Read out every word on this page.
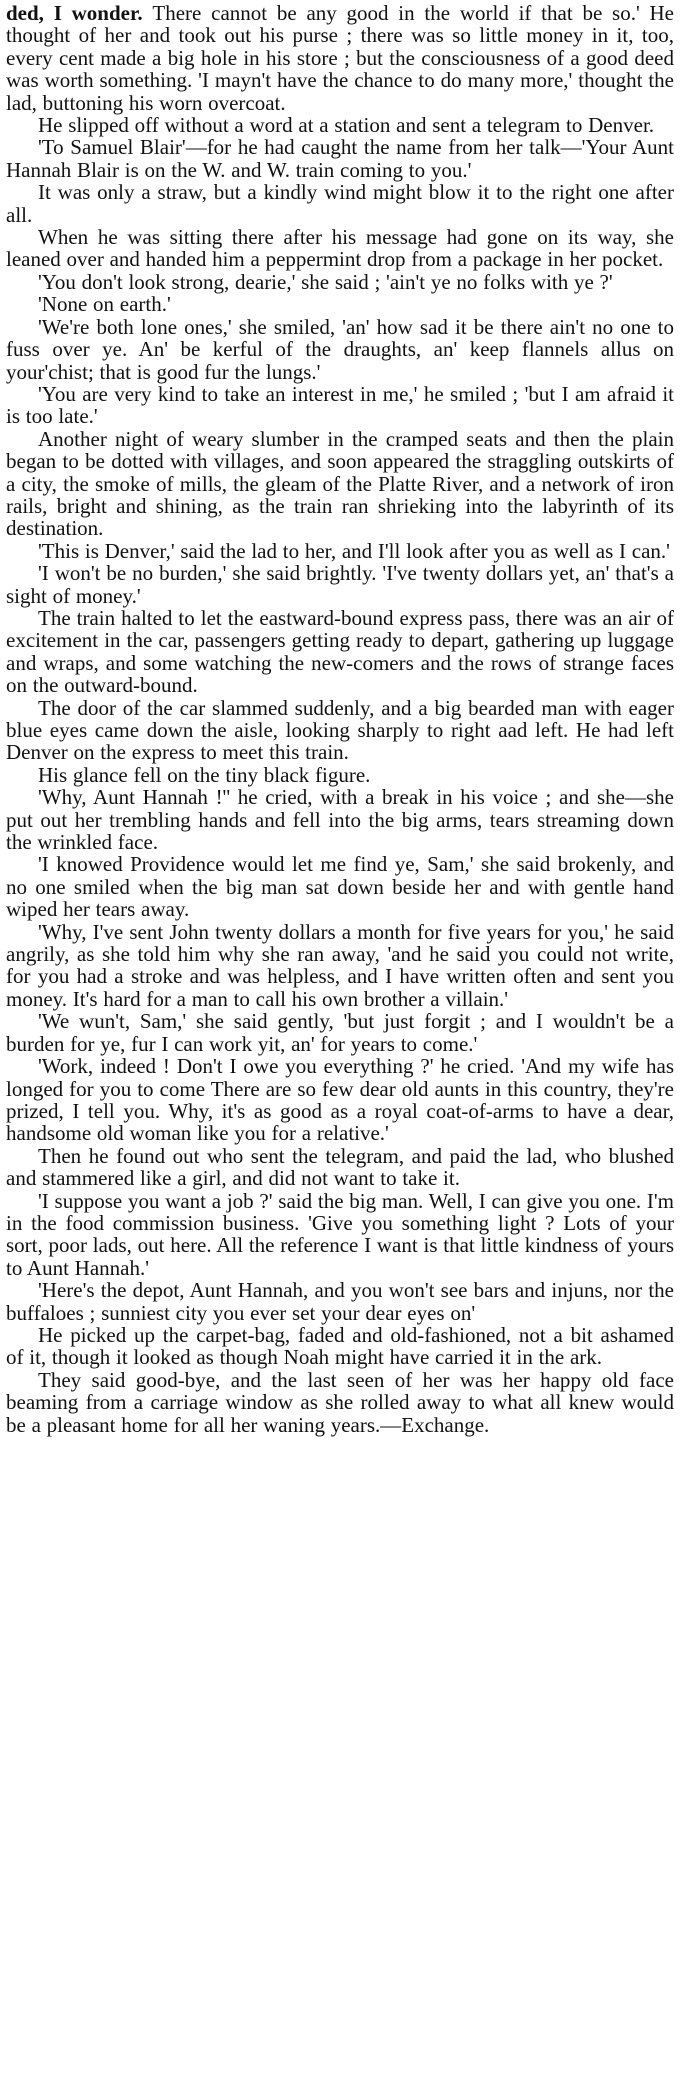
ded, I wonder. There cannot be any good in the world if that be so.' He thought of her and took out his purse ; there was so little money in it, too, every cent made a big hole in his store ; but the consciousness of a good deed was worth something. 'I mayn't have the chance to do many more,' thought the lad, buttoning his worn overcoat.

He slipped off without a word at a station and sent a telegram to Denver.

'To Samuel Blair'—for he had caught the name from her talk—'Your Aunt Hannah Blair is on the W. and W. train coming to you.'

It was only a straw, but a kindly wind might blow it to the right one after all.

When he was sitting there after his message had gone on its way, she leaned over and handed him a peppermint drop from a package in her pocket.

'You don't look strong, dearie,' she said ; 'ain't ye no folks with ye ?'

'None on earth.'

'We're both lone ones,' she smiled, 'an' how sad it be there ain't no one to fuss over ye. An' be kerful of the draughts, an' keep flannels allus on your'chist; that is good fur the lungs.'

'You are very kind to take an interest in me,' he smiled ; 'but I am afraid it is too late.'

Another night of weary slumber in the cramped seats and then the plain began to be dotted with villages, and soon appeared the straggling outskirts of a city, the smoke of mills, the gleam of the Platte River, and a network of iron rails, bright and shining, as the train ran shrieking into the labyrinth of its destination.

'This is Denver,' said the lad to her, and I'll look after you as well as I can.'

'I won't be no burden,' she said brightly. 'I've twenty dollars yet, an' that's a sight of money.'

The train halted to let the eastward-bound express pass, there was an air of excitement in the car, passengers getting ready to depart, gathering up luggage and wraps, and some watching the new-comers and the rows of strange faces on the outward-bound.

The door of the car slammed suddenly, and a big bearded man with eager blue eyes came down the aisle, looking sharply to right aad left. He had left Denver on the express to meet this train.

His glance fell on the tiny black figure.

'Why, Aunt Hannah !'' he cried, with a break in his voice ; and she—she put out her trembling hands and fell into the big arms, tears streaming down the wrinkled face.

'I knowed Providence would let me find ye, Sam,' she said brokenly, and no one smiled when the big man sat down beside her and with gentle hand wiped her tears away.

'Why, I've sent John twenty dollars a month for five years for you,' he said angrily, as she told him why she ran away, 'and he said you could not write, for you had a stroke and was helpless, and I have written often and sent you money. It's hard for a man to call his own brother a villain.'

'We wun't, Sam,' she said gently, 'but just forgit ; and I wouldn't be a burden for ye, fur I can work yit, an' for years to come.'

'Work, indeed ! Don't I owe you everything ?' he cried. 'And my wife has longed for you to come There are so few dear old aunts in this country, they're prized, I tell you. Why, it's as good as a royal coat-of-arms to have a dear, handsome old woman like you for a relative.'

Then he found out who sent the telegram, and paid the lad, who blushed and stammered like a girl, and did not want to take it.

'I suppose you want a job ?' said the big man. Well, I can give you one. I'm in the food commission business. 'Give you something light ? Lots of your sort, poor lads, out here. All the reference I want is that little kindness of yours to Aunt Hannah.'

'Here's the depot, Aunt Hannah, and you won't see bars and injuns, nor the buffaloes ; sunniest city you ever set your dear eyes on'

He picked up the carpet-bag, faded and old-fashioned, not a bit ashamed of it, though it looked as though Noah might have carried it in the ark.

They said good-bye, and the last seen of her was her happy old face beaming from a carriage window as she rolled away to what all knew would be a pleasant home for all her waning years.—Exchange.
